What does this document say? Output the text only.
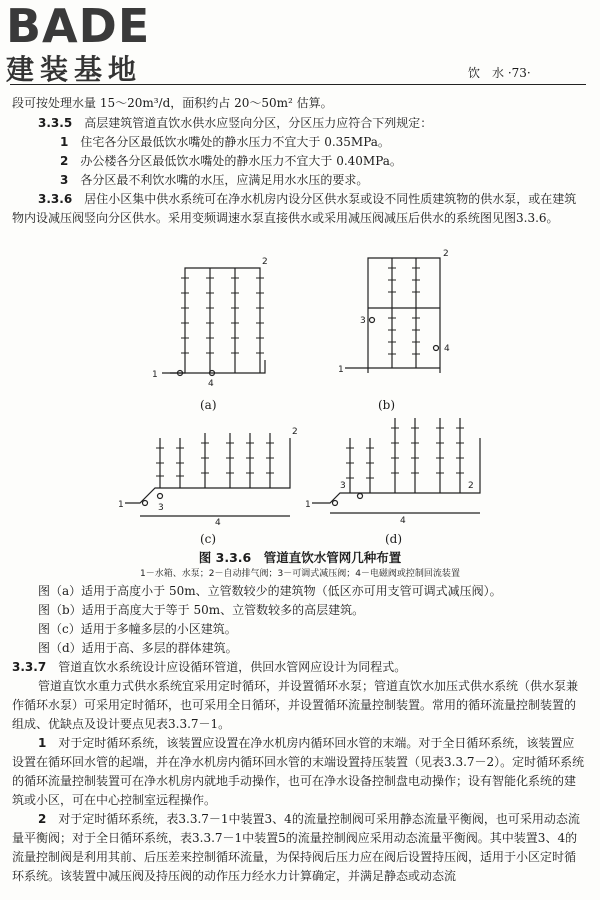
BADE
建装基地	饮　水 ·73·

段可按处理水量 15～20m³/d，面积约占 20～50m² 估算。

3.3.5　 高层建筑管道直饮水供水应竖向分区，分区压力应符合下列规定：

1　 住宅各分区最低饮水嘴处的静水压力不宜大于 0.35MPa。

2　 办公楼各分区最低饮水嘴处的静水压力不宜大于 0.40MPa。

3　 各分区最不利饮水嘴的水压，应满足用水水压的要求。

3.3.6　 居住小区集中供水系统可在净水机房内设分区供水泵或设不同性质建筑物的供水泵，或在建筑物内设减压阀竖向分区供水。采用变频调速水泵直接供水或采用减压阀减压后供水的系统图见图3.3.6。

1
2
4
1
2
3
4
1	3
4
2
1
3
4
2
(a)	(b)
(c)	(d)
图 3.3.6　管道直饮水管网几种布置
1－水箱、水泵；2－自动排气阀；3－可调式减压阀；4－电磁阀或控制回流装置

图（a）适用于高度小于 50m、立管数较少的建筑物（低区亦可用支管可调式减压阀）。

图（b）适用于高度大于等于 50m、立管数较多的高层建筑。

图（c）适用于多幢多层的小区建筑。

图（d）适用于高、多层的群体建筑。

3.3.7　 管道直饮水系统设计应设循环管道，供回水管网应设计为同程式。

管道直饮水重力式供水系统宜采用定时循环，并设置循环水泵；管道直饮水加压式供水系统（供水泵兼作循环水泵）可采用定时循环，也可采用全日循环，并设置循环流量控制装置。常用的循环流量控制装置的组成、优缺点及设计要点见表3.3.7－1。

1　 对于定时循环系统，该装置应设置在净水机房内循环回水管的末端。对于全日循环系统，该装置应设置在循环回水管的起端，并在净水机房内循环回水管的末端设置持压装置（见表3.3.7－2）。定时循环系统的循环流量控制装置可在净水机房内就地手动操作，也可在净水设备控制盘电动操作；设有智能化系统的建筑或小区，可在中心控制室远程操作。

2　 对于定时循环系统，表3.3.7－1中装置3、4的流量控制阀可采用静态流量平衡阀，也可采用动态流量平衡阀；对于全日循环系统，表3.3.7－1中装置5的流量控制阀应采用动态流量平衡阀。其中装置3、4的流量控制阀是利用其前、后压差来控制循环流量，为保持阀后压力应在阀后设置持压阀，适用于小区定时循环系统。该装置中减压阀及持压阀的动作压力经水力计算确定，并满足静态或动态流
